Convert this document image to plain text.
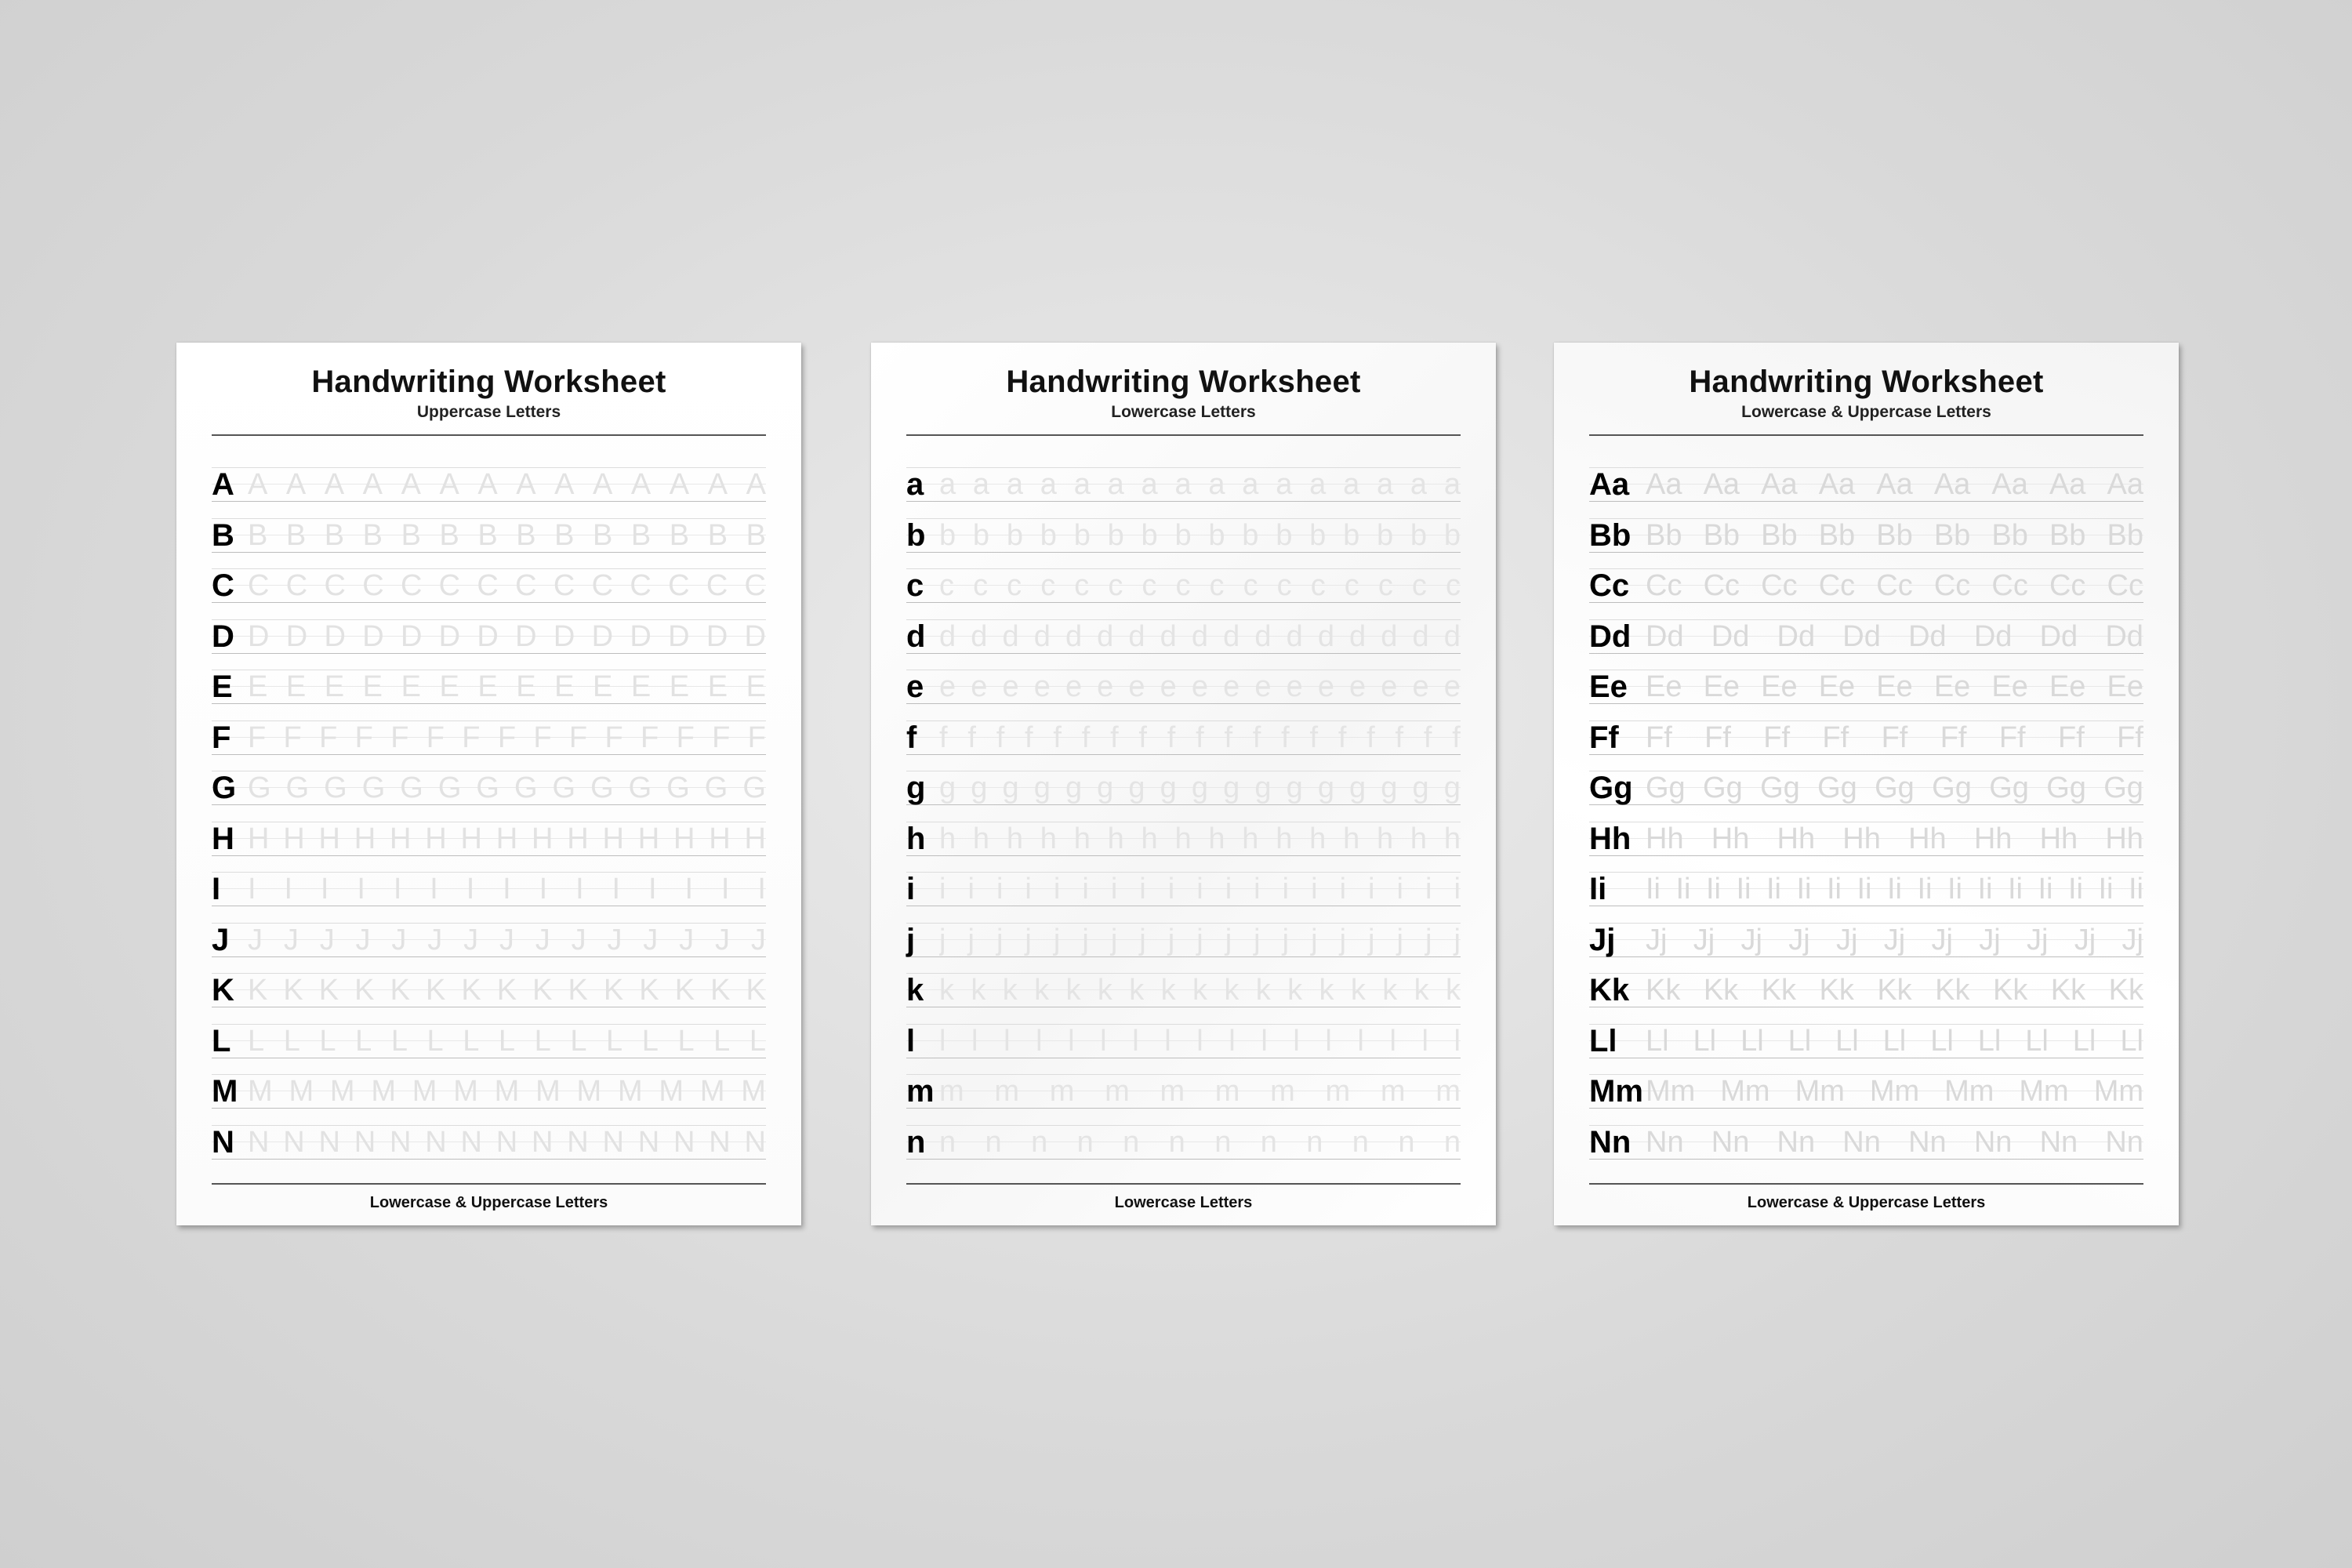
Handwriting Worksheet
Uppercase Letters
A A A A A A A A A A A A A A A
B B B B B B B B B B B B B B B
C C C C C C C C C C C C C C C
D D D D D D D D D D D D D D D
E E E E E E E E E E E E E E E
F F F F F F F F F F F F F F F F
G G G G G G G G G G G G G G G
H H H H H H H H H H H H H H H H
I I I I I I I I I I I I I I I I
J J J J J J J J J J J J J J J J
K K K K K K K K K K K K K K K K
L L L L L L L L L L L L L L L L
M M M M M M M M M M M M M M
N N N N N N N N N N N N N N N N
Lowercase & Uppercase Letters
Handwriting Worksheet
Lowercase Letters
a a a a a a a a a a a a a a a a a
b b b b b b b b b b b b b b b b b
c c c c c c c c c c c c c c c c c
d d d d d d d d d d d d d d d d d d
e e e e e e e e e e e e e e e e e e
f f f f f f f f f f f f f f f f f f f f
g g g g g g g g g g g g g g g g g g
h h h h h h h h h h h h h h h h h
i i i i i i i i i i i i i i i i i i i i
j j j j j j j j j j j j j j j j j j j j
k k k k k k k k k k k k k k k k k k
l l l l l l l l l l l l l l l l l l
m m m m m m m m m m m
n n n n n n n n n n n n n
Lowercase Letters
Handwriting Worksheet
Lowercase & Uppercase Letters
Aa Aa Aa Aa Aa Aa Aa Aa Aa Aa
Bb Bb Bb Bb Bb Bb Bb Bb Bb Bb
Cc Cc Cc Cc Cc Cc Cc Cc Cc Cc
Dd Dd Dd Dd Dd Dd Dd Dd Dd
Ee Ee Ee Ee Ee Ee Ee Ee Ee Ee
Ff Ff Ff Ff Ff Ff Ff Ff Ff Ff
Gg Gg Gg Gg Gg Gg Gg Gg Gg Gg
Hh Hh Hh Hh Hh Hh Hh Hh Hh
Ii	Ii Ii Ii Ii Ii Ii Ii Ii Ii Ii Ii Ii Ii Ii Ii Ii Ii
Jj	Jj Jj Jj Jj Jj Jj Jj Jj Jj Jj Jj
Kk Kk Kk Kk Kk Kk Kk Kk Kk Kk
Ll Ll Ll Ll Ll Ll Ll Ll Ll Ll Ll Ll
Mm Mm Mm Mm Mm Mm Mm Mm
Nn Nn Nn Nn Nn Nn Nn Nn Nn
Lowercase & Uppercase Letters
